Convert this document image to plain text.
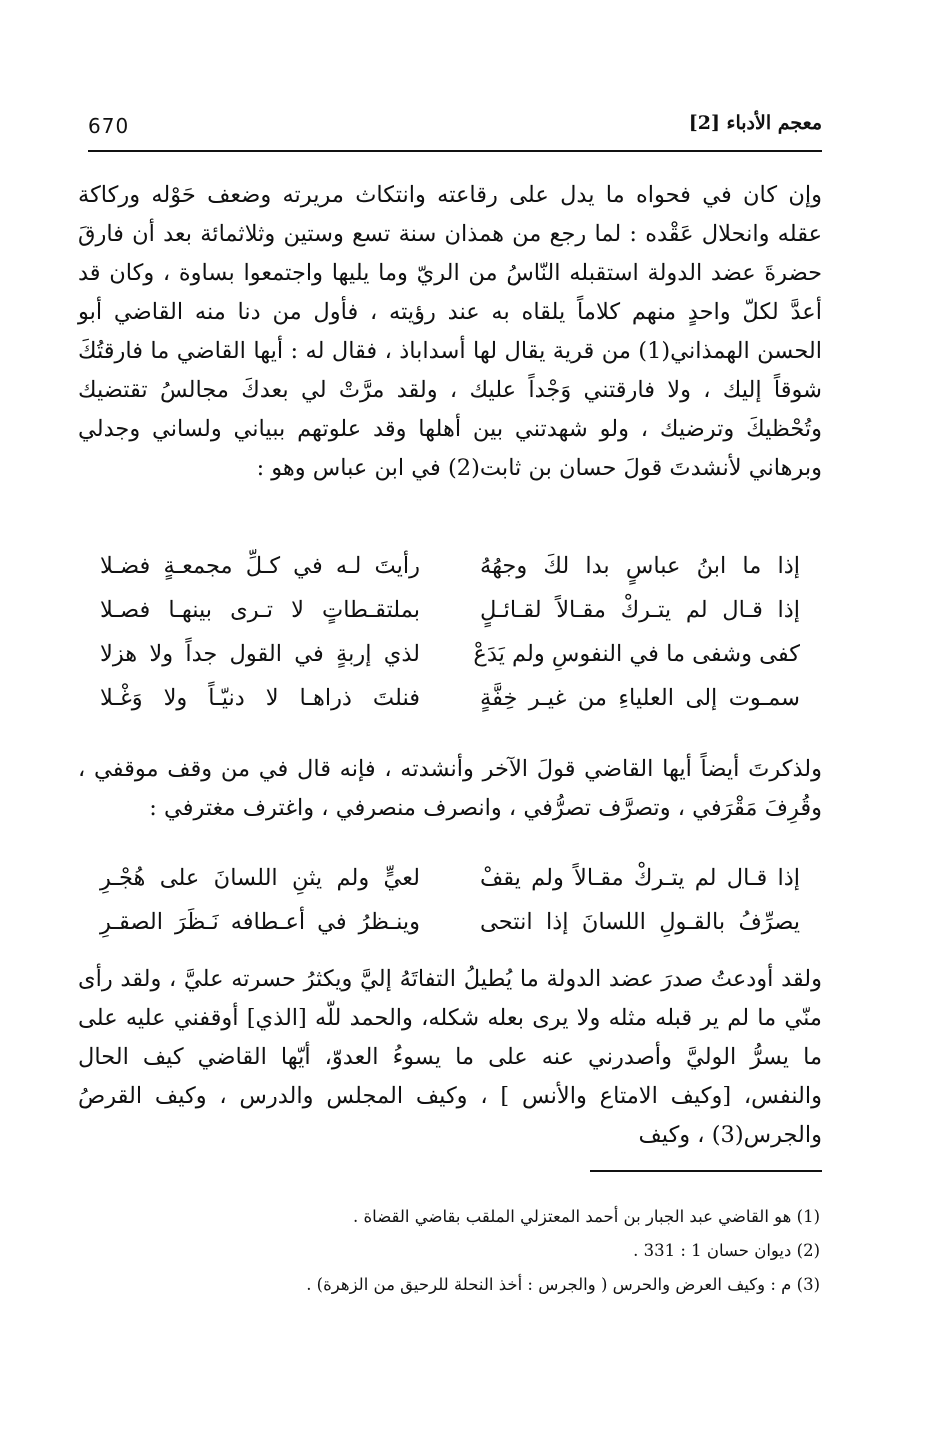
670	معجم الأدباء [2]

وإن كان في فحواه ما يدل على رقاعته وانتكاث مريرته وضعف حَوْله وركاكة عقله وانحلال عَقْده : لما رجع من همذان سنة تسع وستين وثلاثمائة بعد أن فارقَ حضرةَ عضد الدولة استقبله النّاسُ من الريّ وما يليها واجتمعوا بساوة ، وكان قد أعدَّ لكلّ واحدٍ منهم كلاماً يلقاه به عند رؤيته ، فأول من دنا منه القاضي أبو الحسن الهمذاني(1) من قرية يقال لها أسداباذ ، فقال له : أيها القاضي ما فارقتُكَ شوقاً إليك ، ولا فارقتني وَجْداً عليك ، ولقد مرَّتْ لي بعدكَ مجالسُ تقتضيك وتُحْظيكَ وترضيك ، ولو شهدتني بين أهلها وقد علوتهم ببياني ولساني وجدلي وبرهاني لأنشدتَ قولَ حسان بن ثابت(2) في ابن عباس وهو :

إذا ما ابنُ عباسٍ بدا لكَ وجهُهُ
رأيتَ لـه في كـلِّ مجمعـةٍ فضـلا
إذا قـال لم يتـركْ مقـالاً لقـائـلٍ
بملتقـطاتٍ لا تـرى بينهـا فصـلا
كفى وشفى ما في النفوسِ ولم يَدَعْ
لذي إربةٍ في القول جداً ولا هزلا
سمـوت إلى العلياءِ من غيـر خِفَّةٍ
فنلتَ ذراهـا لا دنيّـاً ولا وَغْـلا

ولذكرتَ أيضاً أيها القاضي قولَ الآخر وأنشدته ، فإنه قال في من وقف موقفي ، وقُرِفَ مَقْرَفي ، وتصرَّف تصرُّفي ، وانصرف منصرفي ، واغترف مغترفي :

إذا قـال لم يتـركْ مقـالاً ولم يقفْ
لعيٍّ ولم يثنِ اللسانَ على هُجْـرِ
يصرِّفُ بالقـولِ اللسانَ إذا انتحى
وينـظرُ في أعـطافه نَـظَرَ الصقـرِ

ولقد أودعتُ صدرَ عضد الدولة ما يُطيلُ التفاتَهُ إليَّ ويكثرُ حسرته عليَّ ، ولقد رأى منّي ما لم ير قبله مثله ولا يرى بعله شكله، والحمد للّه [الذي] أوقفني عليه على ما يسرُّ الوليَّ وأصدرني عنه على ما يسوءُ العدوّ، أيّها القاضي كيف الحال والنفس، [وكيف الامتاع والأنس ] ، وكيف المجلس والدرس ، وكيف القرصُ والجرس(3) ، وكيف

(1) هو القاضي عبد الجبار بن أحمد المعتزلي الملقب بقاضي القضاة .
(2) ديوان حسان 1 : 331 .
(3) م : وكيف العرض والحرس ( والجرس : أخذ النحلة للرحيق من الزهرة) .
